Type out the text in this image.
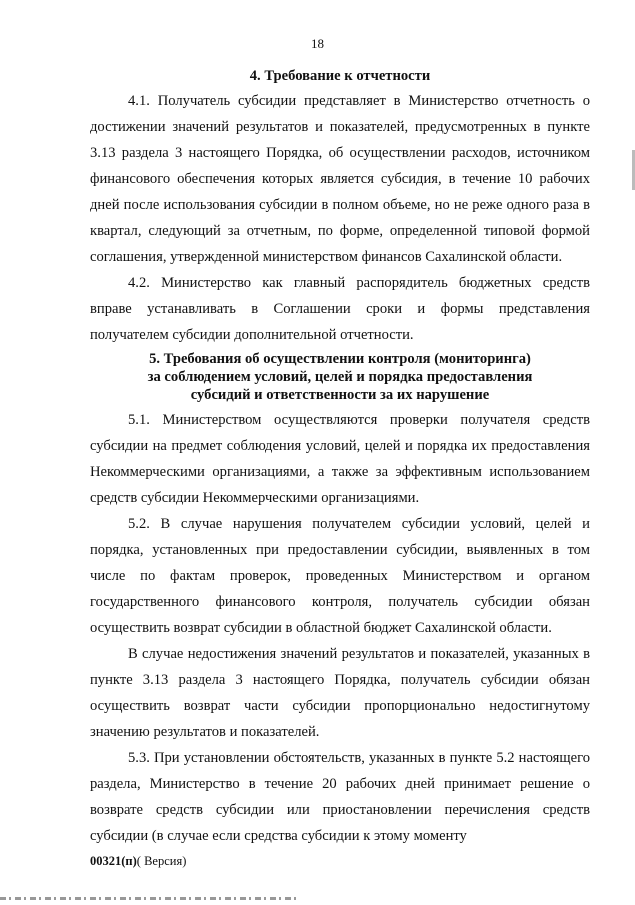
18
4. Требование к отчетности

4.1. Получатель субсидии представляет в Министерство отчетность о достижении значений результатов и показателей, предусмотренных в пункте 3.13 раздела 3 настоящего Порядка, об осуществлении расходов, источником финансового обеспечения которых является субсидия, в течение 10 рабочих дней после использования субсидии в полном объеме, но не реже одного раза в квартал, следующий за отчетным, по форме, определенной типовой формой соглашения, утвержденной министерством финансов Сахалинской области.

4.2. Министерство как главный распорядитель бюджетных средств вправе устанавливать в Соглашении сроки и формы представления получателем субсидии дополнительной отчетности.

5. Требования об осуществлении контроля (мониторинга)
за соблюдением условий, целей и порядка предоставления
субсидий и ответственности за их нарушение

5.1. Министерством осуществляются проверки получателя средств субсидии на предмет соблюдения условий, целей и порядка их предоставления Некоммерческими организациями, а также за эффективным использованием средств субсидии Некоммерческими организациями.

5.2. В случае нарушения получателем субсидии условий, целей и порядка, установленных при предоставлении субсидии, выявленных в том числе по фактам проверок, проведенных Министерством и органом государственного финансового контроля, получатель субсидии обязан осуществить возврат субсидии в областной бюджет Сахалинской области.

В случае недостижения значений результатов и показателей, указанных в пункте 3.13 раздела 3 настоящего Порядка, получатель субсидии обязан осуществить возврат части субсидии пропорционально недостигнутому значению результатов и показателей.

5.3. При установлении обстоятельств, указанных в пункте 5.2 настоящего раздела, Министерство в течение 20 рабочих дней принимает решение о возврате средств субсидии или приостановлении перечисления средств субсидии (в случае если средства субсидии к этому моменту

00321(п)( Версия)
